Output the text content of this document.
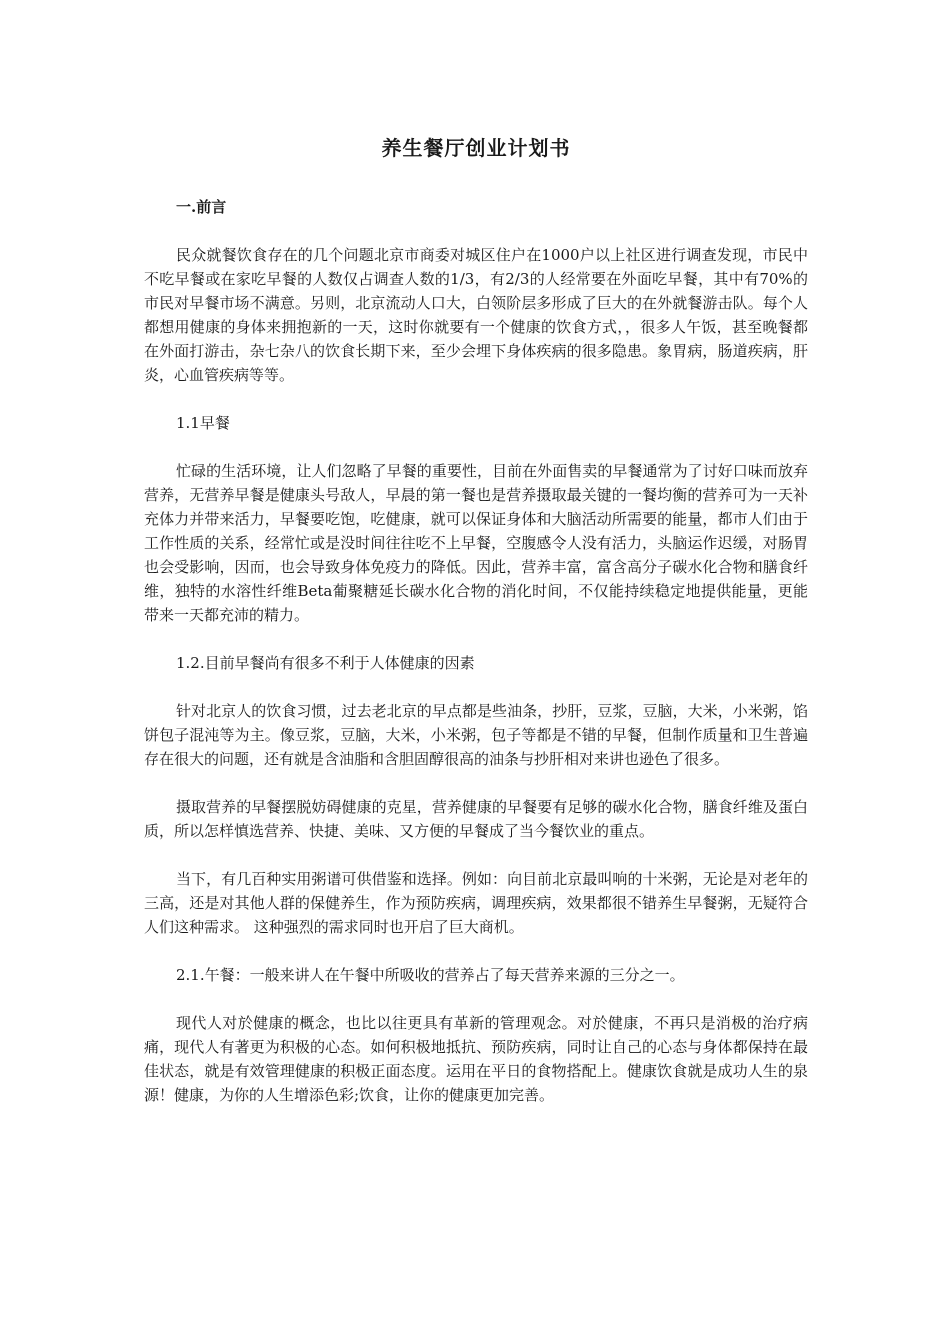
养生餐厅创业计划书
一.前言

民众就餐饮食存在的几个问题北京市商委对城区住户在1000户以上社区进行调查发现，市民中不吃早餐或在家吃早餐的人数仅占调查人数的1/3，有2/3的人经常要在外面吃早餐，其中有70%的市民对早餐市场不满意。另则，北京流动人口大，白领阶层多形成了巨大的在外就餐游击队。每个人都想用健康的身体来拥抱新的一天，这时你就要有一个健康的饮食方式，，很多人午饭，甚至晚餐都在外面打游击，杂七杂八的饮食长期下来，至少会埋下身体疾病的很多隐患。象胃病，肠道疾病，肝炎，心血管疾病等等。

1.1早餐

忙碌的生活环境，让人们忽略了早餐的重要性，目前在外面售卖的早餐通常为了讨好口味而放弃营养，无营养早餐是健康头号敌人，早晨的第一餐也是营养摄取最关键的一餐均衡的营养可为一天补充体力并带来活力，早餐要吃饱，吃健康，就可以保证身体和大脑活动所需要的能量，都市人们由于工作性质的关系，经常忙或是没时间往往吃不上早餐，空腹感令人没有活力，头脑运作迟缓，对肠胃也会受影响，因而，也会导致身体免疫力的降低。因此，营养丰富，富含高分子碳水化合物和膳食纤维，独特的水溶性纤维Beta葡聚糖延长碳水化合物的消化时间，不仅能持续稳定地提供能量，更能带来一天都充沛的精力。

1.2.目前早餐尚有很多不利于人体健康的因素

针对北京人的饮食习惯，过去老北京的早点都是些油条，抄肝，豆浆，豆脑，大米，小米粥，馅饼包子混沌等为主。像豆浆，豆脑，大米，小米粥，包子等都是不错的早餐，但制作质量和卫生普遍存在很大的问题，还有就是含油脂和含胆固醇很高的油条与抄肝相对来讲也逊色了很多。

摄取营养的早餐摆脱妨碍健康的克星，营养健康的早餐要有足够的碳水化合物，膳食纤维及蛋白质，所以怎样慎选营养、快捷、美味、又方便的早餐成了当今餐饮业的重点。

当下，有几百种实用粥谱可供借鉴和选择。例如：向目前北京最叫响的十米粥，无论是对老年的三高，还是对其他人群的保健养生，作为预防疾病，调理疾病，效果都很不错养生早餐粥，无疑符合人们这种需求。 这种强烈的需求同时也开启了巨大商机。

2.1.午餐：一般来讲人在午餐中所吸收的营养占了每天营养来源的三分之一。

现代人对於健康的概念，也比以往更具有革新的管理观念。对於健康，不再只是消极的治疗病痛，现代人有著更为积极的心态。如何积极地抵抗、预防疾病，同时让自己的心态与身体都保持在最佳状态，就是有效管理健康的积极正面态度。运用在平日的食物搭配上。健康饮食就是成功人生的泉源！健康，为你的人生增添色彩;饮食，让你的健康更加完善。
